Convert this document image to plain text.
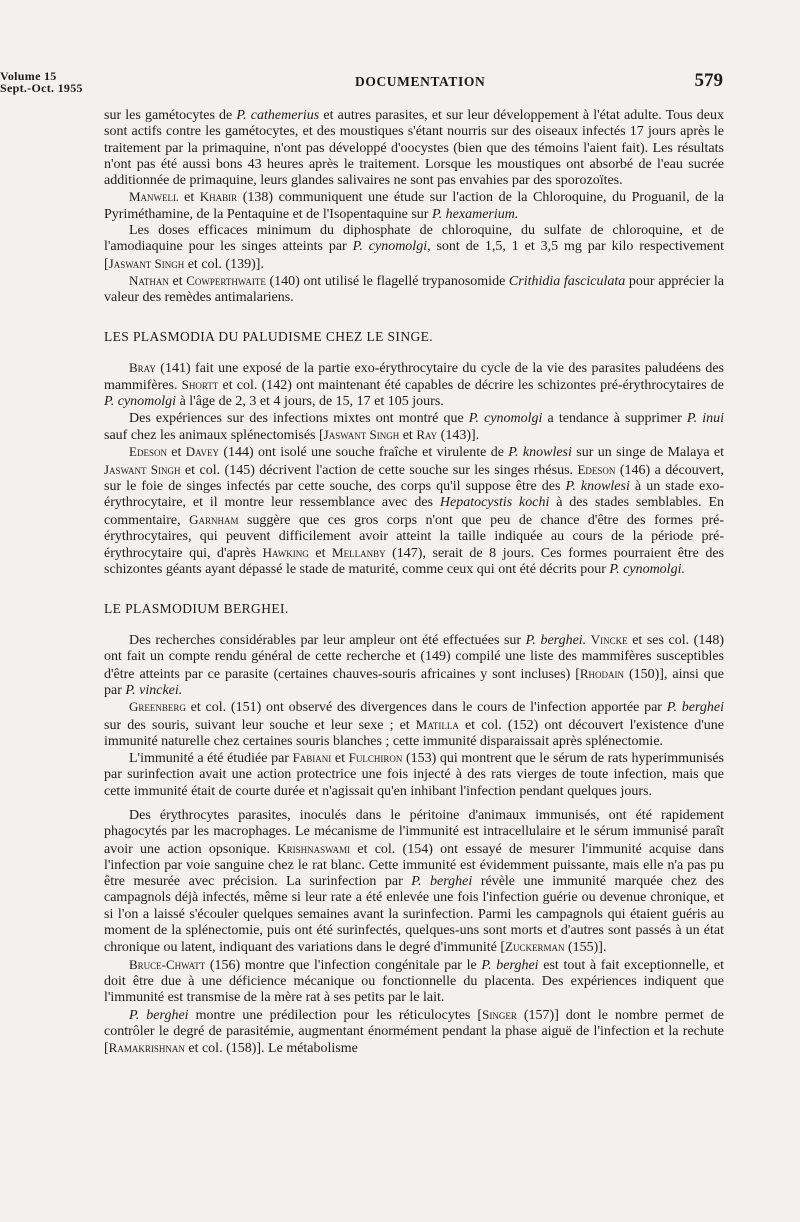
Volume 15
Sept.-Oct. 1955	DOCUMENTATION	579

sur les gamétocytes de P. cathemerius et autres parasites, et sur leur développement à l'état adulte. Tous deux sont actifs contre les gamétocytes, et des moustiques s'étant nourris sur des oiseaux infectés 17 jours après le traitement par la primaquine, n'ont pas développé d'oocystes (bien que des témoins l'aient fait). Les résultats n'ont pas été aussi bons 43 heures après le traitement. Lorsque les moustiques ont absorbé de l'eau sucrée additionnée de primaquine, leurs glandes salivaires ne sont pas envahies par des sporozoïtes.

Manwell et Khabir (138) communiquent une étude sur l'action de la Chloroquine, du Proguanil, de la Pyriméthamine, de la Pentaquine et de l'Isopentaquine sur P. hexamerium.

Les doses efficaces minimum du diphosphate de chloroquine, du sulfate de chloroquine, et de l'amodiaquine pour les singes atteints par P. cynomolgi, sont de 1,5, 1 et 3,5 mg par kilo respectivement [Jaswant Singh et col. (139)].

Nathan et Cowperthwaite (140) ont utilisé le flagellé trypanosomide Crithidia fasciculata pour apprécier la valeur des remèdes antimalariens.

LES PLASMODIA DU PALUDISME CHEZ LE SINGE.

Bray (141) fait une exposé de la partie exo-érythrocytaire du cycle de la vie des parasites paludéens des mammifères. Shortt et col. (142) ont maintenant été capables de décrire les schizontes pré-érythrocytaires de P. cynomolgi à l'âge de 2, 3 et 4 jours, de 15, 17 et 105 jours.

Des expériences sur des infections mixtes ont montré que P. cynomolgi a tendance à supprimer P. inui sauf chez les animaux splénectomisés [Jaswant Singh et Ray (143)].

Edeson et Davey (144) ont isolé une souche fraîche et virulente de P. knowlesi sur un singe de Malaya et Jaswant Singh et col. (145) décrivent l'action de cette souche sur les singes rhésus. Edeson (146) a découvert, sur le foie de singes infectés par cette souche, des corps qu'il suppose être des P. knowlesi à un stade exo-érythrocytaire, et il montre leur ressemblance avec des Hepatocystis kochi à des stades semblables. En commentaire, Garnham suggère que ces gros corps n'ont que peu de chance d'être des formes pré-érythrocytaires, qui peuvent difficilement avoir atteint la taille indiquée au cours de la période pré-érythrocytaire qui, d'après Hawking et Mellanby (147), serait de 8 jours. Ces formes pourraient être des schizontes géants ayant dépassé le stade de maturité, comme ceux qui ont été décrits pour P. cynomolgi.

LE PLASMODIUM BERGHEI.

Des recherches considérables par leur ampleur ont été effectuées sur P. berghei. Vincke et ses col. (148) ont fait un compte rendu général de cette recherche et (149) compilé une liste des mammifères susceptibles d'être atteints par ce parasite (certaines chauves-souris africaines y sont incluses) [Rhodain (150)], ainsi que par P. vinckei.

Greenberg et col. (151) ont observé des divergences dans le cours de l'infection apportée par P. berghei sur des souris, suivant leur souche et leur sexe ; et Matilla et col. (152) ont découvert l'existence d'une immunité naturelle chez certaines souris blanches ; cette immunité disparaissait après splénectomie.

L'immunité a été étudiée par Fabiani et Fulchiron (153) qui montrent que le sérum de rats hyperimmunisés par surinfection avait une action protectrice une fois injecté à des rats vierges de toute infection, mais que cette immunité était de courte durée et n'agissait qu'en inhibant l'infection pendant quelques jours.

Des érythrocytes parasites, inoculés dans le péritoine d'animaux immunisés, ont été rapidement phagocytés par les macrophages. Le mécanisme de l'immunité est intracellulaire et le sérum immunisé paraît avoir une action opsonique. Krishnaswami et col. (154) ont essayé de mesurer l'immunité acquise dans l'infection par voie sanguine chez le rat blanc. Cette immunité est évidemment puissante, mais elle n'a pas pu être mesurée avec précision. La surinfection par P. berghei révèle une immunité marquée chez des campagnols déjà infectés, même si leur rate a été enlevée une fois l'infection guérie ou devenue chronique, et si l'on a laissé s'écouler quelques semaines avant la surinfection. Parmi les campagnols qui étaient guéris au moment de la splénectomie, puis ont été surinfectés, quelques-uns sont morts et d'autres sont passés à un état chronique ou latent, indiquant des variations dans le degré d'immunité [Zuckerman (155)].

Bruce-Chwatt (156) montre que l'infection congénitale par le P. berghei est tout à fait exceptionnelle, et doit être due à une déficience mécanique ou fonctionnelle du placenta. Des expériences indiquent que l'immunité est transmise de la mère rat à ses petits par le lait.

P. berghei montre une prédilection pour les réticulocytes [Singer (157)] dont le nombre permet de contrôler le degré de parasitémie, augmentant énormément pendant la phase aiguë de l'infection et la rechute [Ramakrishnan et col. (158)]. Le métabolisme
